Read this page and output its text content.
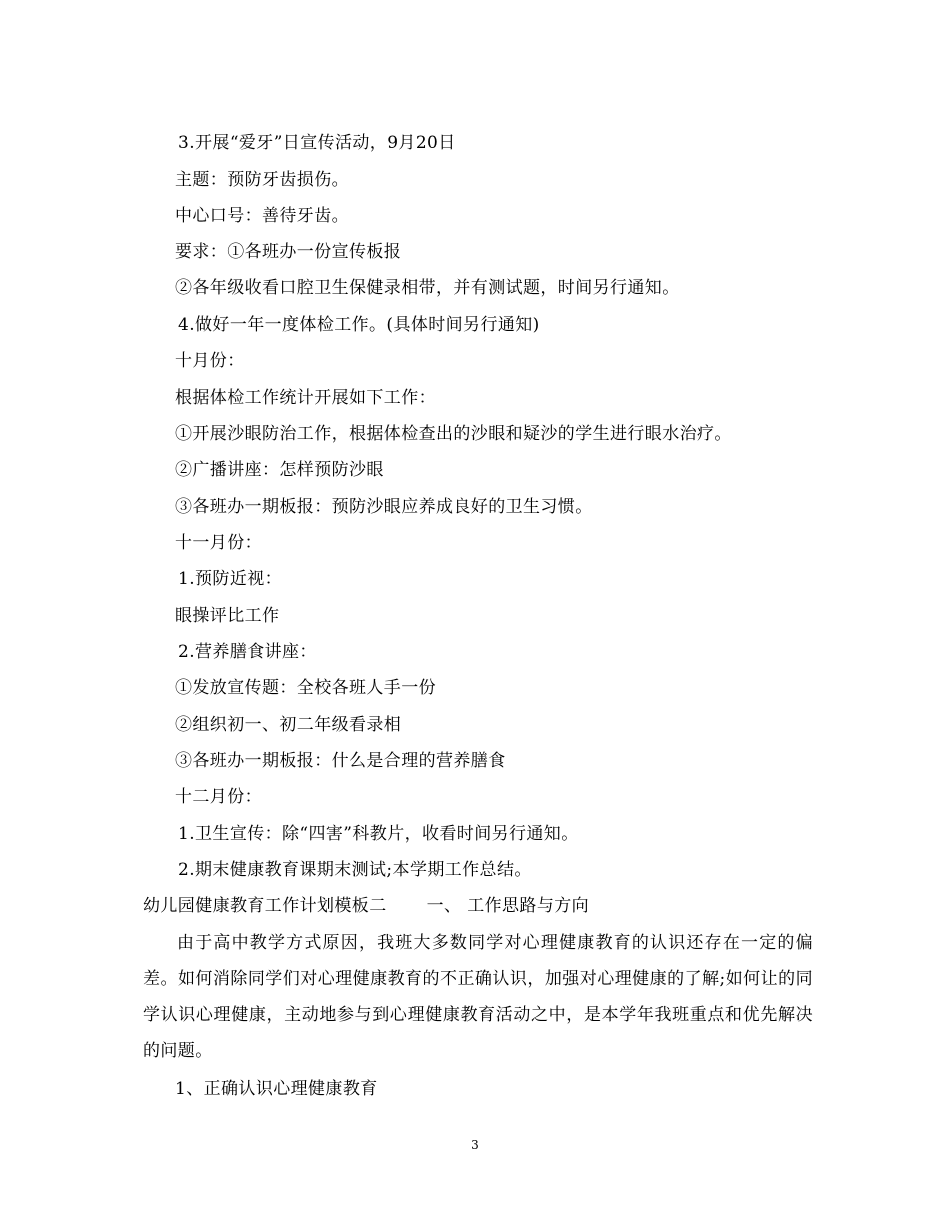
3.开展“爱牙”日宣传活动，9月20日
主题：预防牙齿损伤。
中心口号：善待牙齿。
要求：①各班办一份宣传板报
②各年级收看口腔卫生保健录相带，并有测试题，时间另行通知。
4.做好一年一度体检工作。(具体时间另行通知)
十月份：
根据体检工作统计开展如下工作：
①开展沙眼防治工作，根据体检查出的沙眼和疑沙的学生进行眼水治疗。
②广播讲座：怎样预防沙眼
③各班办一期板报：预防沙眼应养成良好的卫生习惯。
十一月份：
1.预防近视：
眼操评比工作
2.营养膳食讲座：
①发放宣传题：全校各班人手一份
②组织初一、初二年级看录相
③各班办一期板报：什么是合理的营养膳食
十二月份：
1.卫生宣传：除“四害”科教片，收看时间另行通知。
2.期末健康教育课期末测试;本学期工作总结。
幼儿园健康教育工作计划模板二 一、 工作思路与方向
由于高中教学方式原因，我班大多数同学对心理健康教育的认识还存在一定的偏差。如何消除同学们对心理健康教育的不正确认识，加强对心理健康的了解;如何让的同学认识心理健康，主动地参与到心理健康教育活动之中，是本学年我班重点和优先解决的问题。
1、正确认识心理健康教育
3
